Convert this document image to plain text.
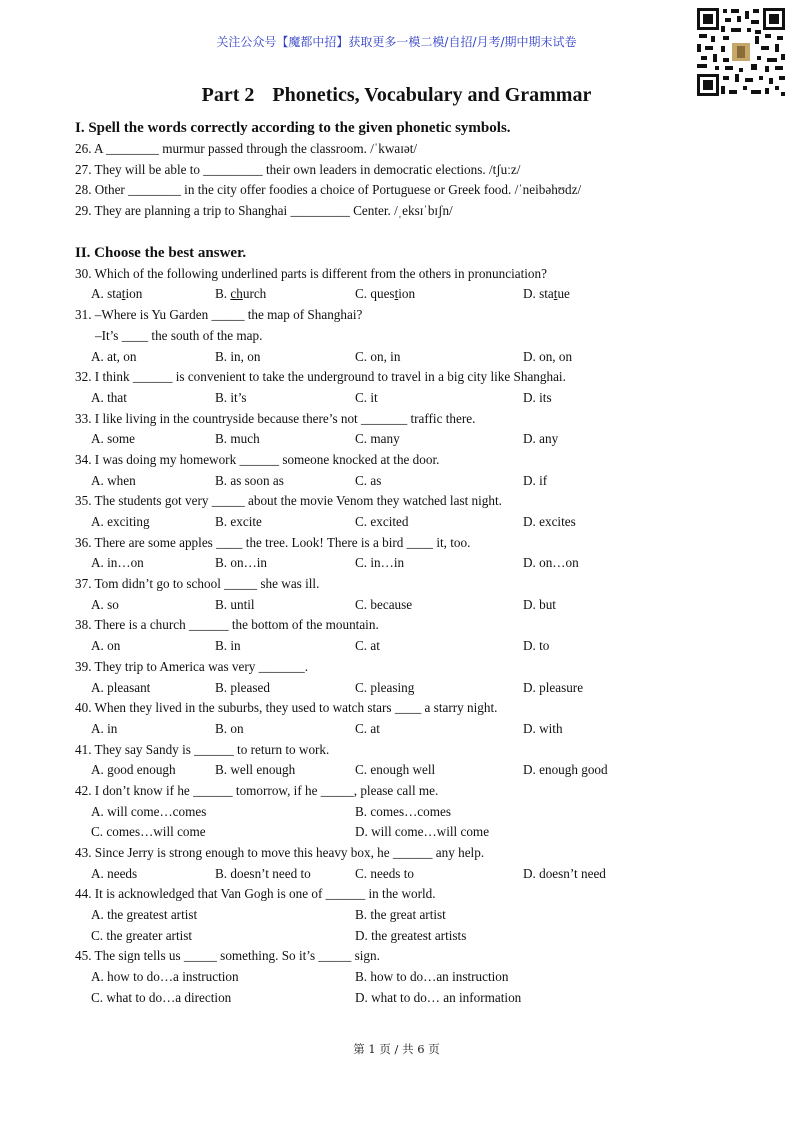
关注公众号【魔都中招】获取更多一模二模/自招/月考/期中期末试卷
Part 2 Phonetics, Vocabulary and Grammar
I. Spell the words correctly according to the given phonetic symbols.
26. A ________ murmur passed through the classroom. /ˈkwaɪət/
27. They will be able to _________ their own leaders in democratic elections. /tʃuːz/
28. Other ________ in the city offer foodies a choice of Portuguese or Greek food. /ˈneibəhʊdz/
29. They are planning a trip to Shanghai _________ Center. /ˌeksɪˈbɪʃn/
II. Choose the best answer.
30. Which of the following underlined parts is different from the others in pronunciation?
A. station	B. church	C. question	D. statue
31. –Where is Yu Garden _____ the map of Shanghai?
–It’s ____ the south of the map.
A. at, on	B. in, on	C. on, in	D. on, on
32. I think ______ is convenient to take the underground to travel in a big city like Shanghai.
A. that	B. it’s	C. it	D. its
33. I like living in the countryside because there’s not _______ traffic there.
A. some	B. much	C. many	D. any
34. I was doing my homework ______ someone knocked at the door.
A. when	B. as soon as	C. as	D. if
35. The students got very _____ about the movie Venom they watched last night.
A. exciting	B. excite	C. excited	D. excites
36. There are some apples ____ the tree. Look! There is a bird ____ it, too.
A. in…on	B. on…in	C. in…in	D. on…on
37. Tom didn’t go to school _____ she was ill.
A. so	B. until	C. because	D. but
38. There is a church ______ the bottom of the mountain.
A. on	B. in	C. at	D. to
39. They trip to America was very _______.
A. pleasant	B. pleased	C. pleasing	D. pleasure
40. When they lived in the suburbs, they used to watch stars ____ a starry night.
A. in	B. on	C. at	D. with
41. They say Sandy is ______ to return to work.
A. good enough	B. well enough	C. enough well	D. enough good
42. I don’t know if he ______ tomorrow, if he _____, please call me.
A. will come…comes	B. comes…comes
C. comes…will come	D. will come…will come
43. Since Jerry is strong enough to move this heavy box, he ______ any help.
A. needs	B. doesn’t need to	C. needs to	D. doesn’t need
44. It is acknowledged that Van Gogh is one of ______ in the world.
A. the greatest artist	B. the great artist
C. the greater artist	D. the greatest artists
45. The sign tells us _____ something. So it’s _____ sign.
A. how to do…a instruction	B. how to do…an instruction
C. what to do…a direction	D. what to do… an information
第 1 页 / 共 6 页
